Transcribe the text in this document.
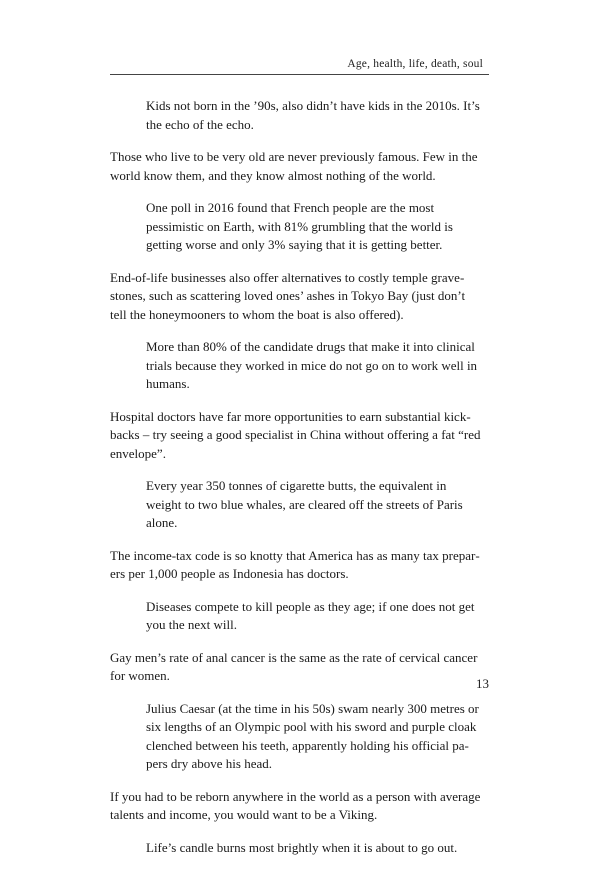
Age, health, life, death, soul

Kids not born in the ’90s, also didn’t have kids in the 2010s. It’s the echo of the echo.

Those who live to be very old are never previously famous. Few in the world know them, and they know almost nothing of the world.

One poll in 2016 found that French people are the most pessimistic on Earth, with 81% grumbling that the world is getting worse and only 3% saying that it is getting better.

End-of-life businesses also offer alternatives to costly temple gravestones, such as scattering loved ones’ ashes in Tokyo Bay (just don’t tell the honeymooners to whom the boat is also offered).

More than 80% of the candidate drugs that make it into clinical trials because they worked in mice do not go on to work well in humans.

Hospital doctors have far more opportunities to earn substantial kickbacks – try seeing a good specialist in China without offering a fat “red envelope”.

Every year 350 tonnes of cigarette butts, the equivalent in weight to two blue whales, are cleared off the streets of Paris alone.

The income-tax code is so knotty that America has as many tax preparers per 1,000 people as Indonesia has doctors.

Diseases compete to kill people as they age; if one does not get you the next will.

Gay men’s rate of anal cancer is the same as the rate of cervical cancer for women.

Julius Caesar (at the time in his 50s) swam nearly 300 metres or six lengths of an Olympic pool with his sword and purple cloak clenched between his teeth, apparently holding his official papers dry above his head.

If you had to be reborn anywhere in the world as a person with average talents and income, you would want to be a Viking.

Life’s candle burns most brightly when it is about to go out.

13
